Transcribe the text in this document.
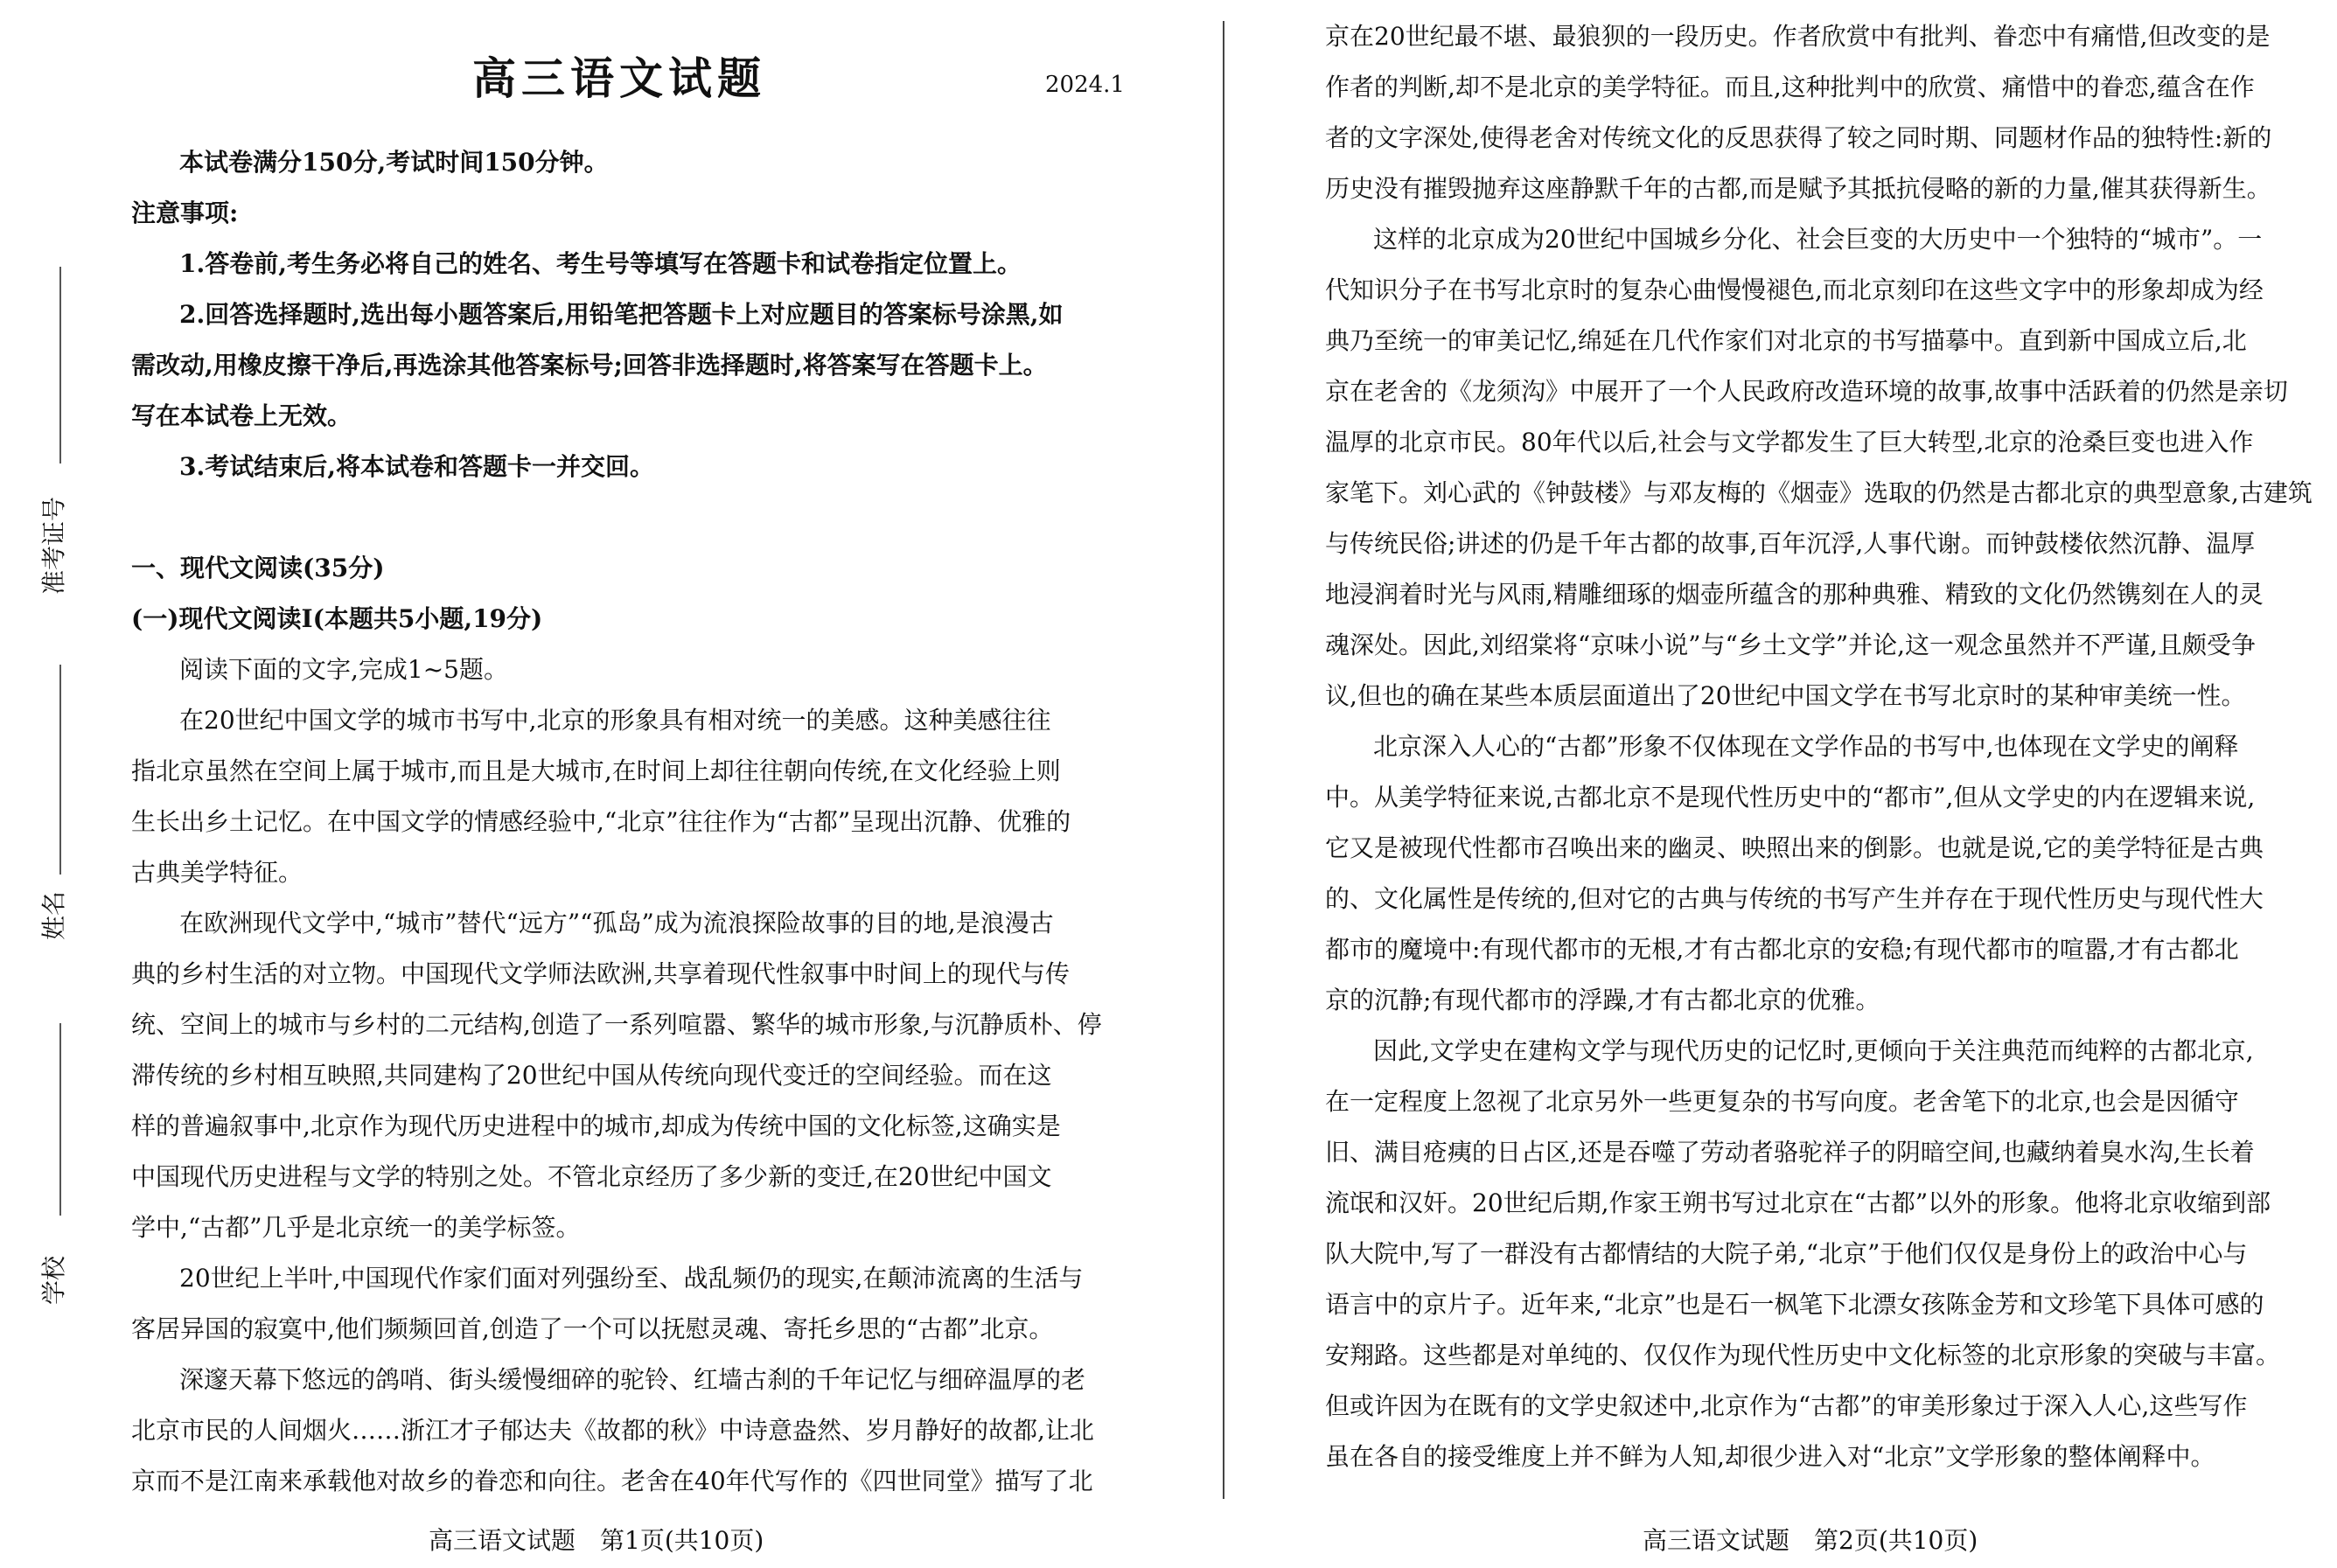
准考证号
姓名
学校
高三语文试题	2024.1
本试卷满分150分,考试时间150分钟。
注意事项:
1.答卷前,考生务必将自己的姓名、考生号等填写在答题卡和试卷指定位置上。
2.回答选择题时,选出每小题答案后,用铅笔把答题卡上对应题目的答案标号涂黑,如
需改动,用橡皮擦干净后,再选涂其他答案标号;回答非选择题时,将答案写在答题卡上。
写在本试卷上无效。
3.考试结束后,将本试卷和答题卡一并交回。
一、现代文阅读(35分)
(一)现代文阅读Ⅰ(本题共5小题,19分)
阅读下面的文字,完成1~5题。
在20世纪中国文学的城市书写中,北京的形象具有相对统一的美感。这种美感往往
指北京虽然在空间上属于城市,而且是大城市,在时间上却往往朝向传统,在文化经验上则
生长出乡土记忆。在中国文学的情感经验中,“北京”往往作为“古都”呈现出沉静、优雅的
古典美学特征。
在欧洲现代文学中,“城市”替代“远方”“孤岛”成为流浪探险故事的目的地,是浪漫古
典的乡村生活的对立物。中国现代文学师法欧洲,共享着现代性叙事中时间上的现代与传
统、空间上的城市与乡村的二元结构,创造了一系列喧嚣、繁华的城市形象,与沉静质朴、停
滞传统的乡村相互映照,共同建构了20世纪中国从传统向现代变迁的空间经验。而在这
样的普遍叙事中,北京作为现代历史进程中的城市,却成为传统中国的文化标签,这确实是
中国现代历史进程与文学的特别之处。不管北京经历了多少新的变迁,在20世纪中国文
学中,“古都”几乎是北京统一的美学标签。
20世纪上半叶,中国现代作家们面对列强纷至、战乱频仍的现实,在颠沛流离的生活与
客居异国的寂寞中,他们频频回首,创造了一个可以抚慰灵魂、寄托乡思的“古都”北京。
深邃天幕下悠远的鸽哨、街头缓慢细碎的驼铃、红墙古刹的千年记忆与细碎温厚的老
北京市民的人间烟火……浙江才子郁达夫《故都的秋》中诗意盎然、岁月静好的故都,让北
京而不是江南来承载他对故乡的眷恋和向往。老舍在40年代写作的《四世同堂》描写了北
高三语文试题　第1页(共10页)
京在20世纪最不堪、最狼狈的一段历史。作者欣赏中有批判、眷恋中有痛惜,但改变的是
作者的判断,却不是北京的美学特征。而且,这种批判中的欣赏、痛惜中的眷恋,蕴含在作
者的文字深处,使得老舍对传统文化的反思获得了较之同时期、同题材作品的独特性:新的
历史没有摧毁抛弃这座静默千年的古都,而是赋予其抵抗侵略的新的力量,催其获得新生。
这样的北京成为20世纪中国城乡分化、社会巨变的大历史中一个独特的“城市”。一
代知识分子在书写北京时的复杂心曲慢慢褪色,而北京刻印在这些文字中的形象却成为经
典乃至统一的审美记忆,绵延在几代作家们对北京的书写描摹中。直到新中国成立后,北
京在老舍的《龙须沟》中展开了一个人民政府改造环境的故事,故事中活跃着的仍然是亲切
温厚的北京市民。80年代以后,社会与文学都发生了巨大转型,北京的沧桑巨变也进入作
家笔下。刘心武的《钟鼓楼》与邓友梅的《烟壶》选取的仍然是古都北京的典型意象,古建筑
与传统民俗;讲述的仍是千年古都的故事,百年沉浮,人事代谢。而钟鼓楼依然沉静、温厚
地浸润着时光与风雨,精雕细琢的烟壶所蕴含的那种典雅、精致的文化仍然镌刻在人的灵
魂深处。因此,刘绍棠将“京味小说”与“乡土文学”并论,这一观念虽然并不严谨,且颇受争
议,但也的确在某些本质层面道出了20世纪中国文学在书写北京时的某种审美统一性。
北京深入人心的“古都”形象不仅体现在文学作品的书写中,也体现在文学史的阐释
中。从美学特征来说,古都北京不是现代性历史中的“都市”,但从文学史的内在逻辑来说,
它又是被现代性都市召唤出来的幽灵、映照出来的倒影。也就是说,它的美学特征是古典
的、文化属性是传统的,但对它的古典与传统的书写产生并存在于现代性历史与现代性大
都市的魔境中:有现代都市的无根,才有古都北京的安稳;有现代都市的喧嚣,才有古都北
京的沉静;有现代都市的浮躁,才有古都北京的优雅。
因此,文学史在建构文学与现代历史的记忆时,更倾向于关注典范而纯粹的古都北京,
在一定程度上忽视了北京另外一些更复杂的书写向度。老舍笔下的北京,也会是因循守
旧、满目疮痍的日占区,还是吞噬了劳动者骆驼祥子的阴暗空间,也藏纳着臭水沟,生长着
流氓和汉奸。20世纪后期,作家王朔书写过北京在“古都”以外的形象。他将北京收缩到部
队大院中,写了一群没有古都情结的大院子弟,“北京”于他们仅仅是身份上的政治中心与
语言中的京片子。近年来,“北京”也是石一枫笔下北漂女孩陈金芳和文珍笔下具体可感的
安翔路。这些都是对单纯的、仅仅作为现代性历史中文化标签的北京形象的突破与丰富。
但或许因为在既有的文学史叙述中,北京作为“古都”的审美形象过于深入人心,这些写作
虽在各自的接受维度上并不鲜为人知,却很少进入对“北京”文学形象的整体阐释中。
高三语文试题　第2页(共10页)
